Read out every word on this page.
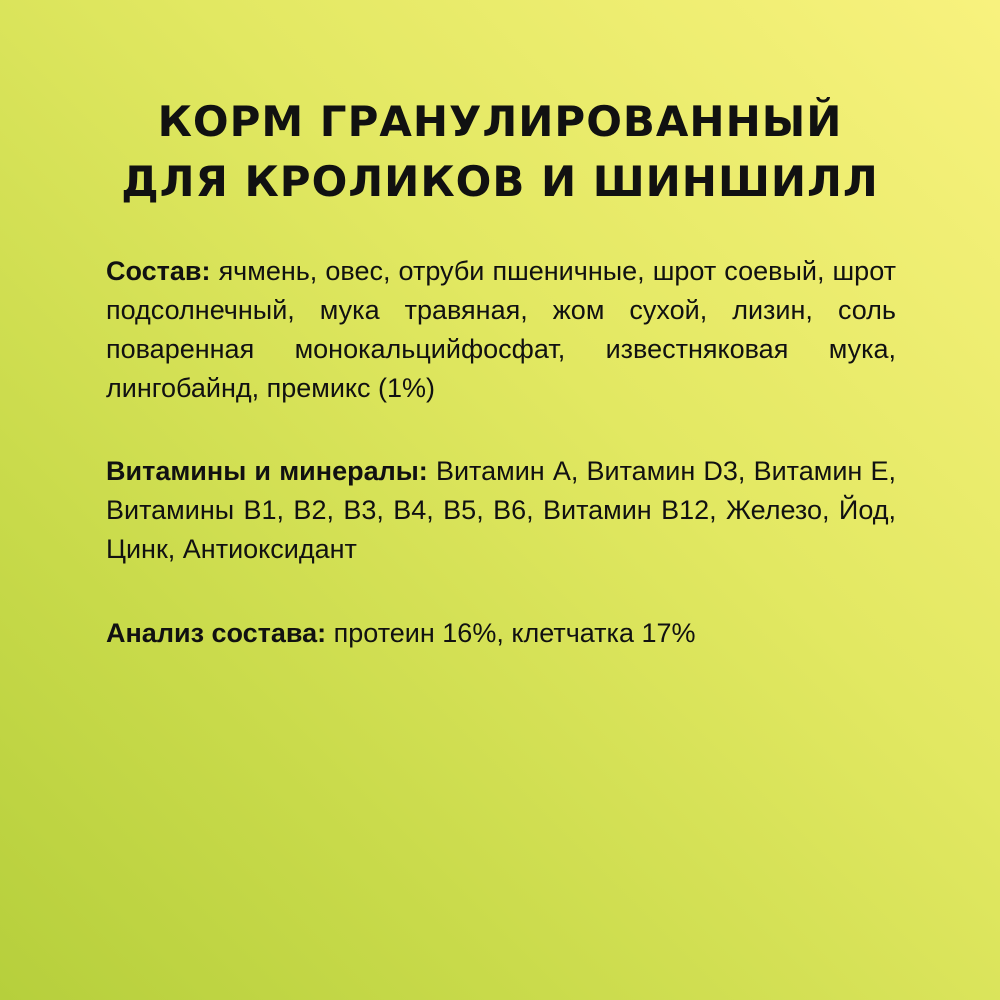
КОРМ ГРАНУЛИРОВАННЫЙ
ДЛЯ КРОЛИКОВ И ШИНШИЛЛ
Состав: ячмень, овес, отруби пшеничные, шрот соевый, шрот подсолнечный, мука травяная, жом сухой, лизин, соль поваренная монокальцийфосфат, известняковая мука, лингобайнд, премикс (1%)
Витамины и минералы: Витамин А, Витамин D3, Витамин Е, Витамины B1, B2, B3, B4, B5, B6, Витамин B12, Железо, Йод, Цинк, Антиоксидант
Анализ состава: протеин 16%, клетчатка 17%
